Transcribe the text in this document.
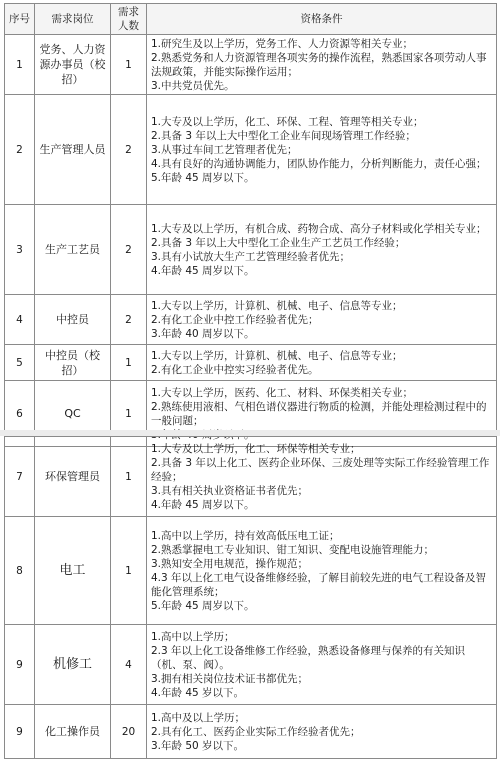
序号	需求岗位	需求人数	资格条件
1	党务、人力资源办事员（校招）	1	1.研究生及以上学历，党务工作、人力资源等相关专业；
2.熟悉党务和人力资源管理各项实务的操作流程，熟悉国家各项劳动人事法规政策，并能实际操作运用；
3.中共党员优先。

2	生产管理人员	2	1.大专及以上学历，化工、环保、工程、管理等相关专业；
2.具备 3 年以上大中型化工企业车间现场管理工作经验；
3.从事过车间工艺管理者优先；
4.具有良好的沟通协调能力，团队协作能力，分析判断能力，责任心强；
5.年龄 45 周岁以下。

3	生产工艺员	2	1.大专及以上学历，有机合成、药物合成、高分子材料或化学相关专业；
2.具备 3 年以上大中型化工企业生产工艺员工作经验；
3.具有小试放大生产工艺管理经验者优先；
4.年龄 45 周岁以下。

4	中控员	2	1.大专以上学历，计算机、机械、电子、信息等专业；
2.有化工企业中控工作经验者优先；
3.年龄 40 周岁以下。

5	中控员（校招）	1	1.大专以上学历，计算机、机械、电子、信息等专业；
2.有化工企业中控实习经验者优先。

6	QC	1	1.大专以上学历，医药、化工、材料、环保类相关专业；
2.熟练使用液相、气相色谱仪器进行物质的检测，并能处理检测过程中的一般问题；
7	环保管理员	1	1.大专及以上学历，化工、环保等相关专业；
2.具备 3 年以上化工、医药企业环保、三废处理等实际工作经验管理工作经验；
3.具有相关执业资格证书者优先；
4.年龄 45 周岁以下。

8	电工	1	1.高中以上学历，持有效高低压电工证；
2.熟悉掌握电工专业知识、钳工知识、变配电设施管理能力；
3.熟知安全用电规范，操作规范；
4.3 年以上化工电气设备维修经验，了解目前较先进的电气工程设备及智能化管理系统；
5.年龄 45 周岁以下。

9	机修工	4	1.高中以上学历；
2.3 年以上化工设备维修工作经验，熟悉设备修理与保养的有关知识（机、泵、阀）。
3.拥有相关岗位技术证书都优先；
4.年龄 45 岁以下。

9	化工操作员	20	1.高中及以上学历；
2.具有化工、医药企业实际工作经验者优先；
3.年龄 50 岁以下。
